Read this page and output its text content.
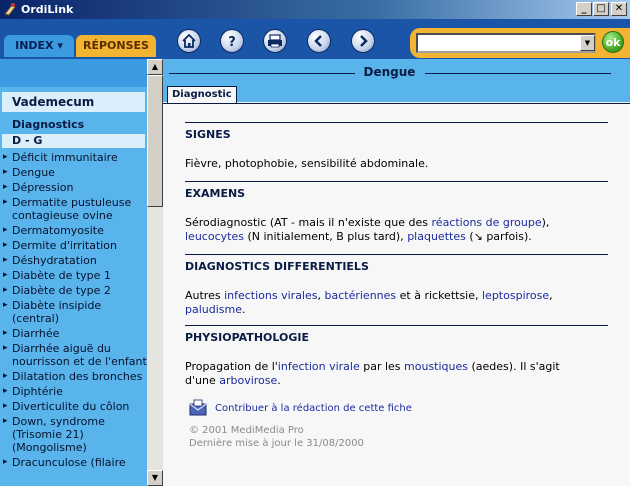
OrdiLink	_ □ ✕
INDEX ▾	RÉPONSES	?	▼	ok
Vademecum
Diagnostics
D - G
▸ Déficit immunitaire
▸ Dengue
▸ Dépression
▸ Dermatite pustuleuse contagieuse ovine
▸ Dermatomyosite
▸ Dermite d'irritation
▸ Déshydratation
▸ Diabète de type 1
▸ Diabète de type 2
▸ Diabète insipide (central)
▸ Diarrhée
▸ Diarrhée aiguë du nourrisson et de l'enfant
▸ Dilatation des bronches
▸ Diphtérie
▸ Diverticulite du côlon
▸ Down, syndrome (Trisomie 21) (Mongolisme)
▸ Dracunculose (filaire
▲
▼
Dengue
Diagnostic
SIGNES
Fièvre, photophobie, sensibilité abdominale.
EXAMENS
Sérodiagnostic (AT - mais il n'existe que des réactions de groupe),
leucocytes (N initialement, B plus tard), plaquettes (↘ parfois).
DIAGNOSTICS DIFFERENTIELS
Autres infections virales, bactériennes et à rickettsie, leptospirose,
paludisme.
PHYSIOPATHOLOGIE
Propagation de l'infection virale par les moustiques (aedes). Il s'agit d'une arbovirose.
Contribuer à la rédaction de cette fiche
© 2001 MediMedia Pro
Dernière mise à jour le 31/08/2000
